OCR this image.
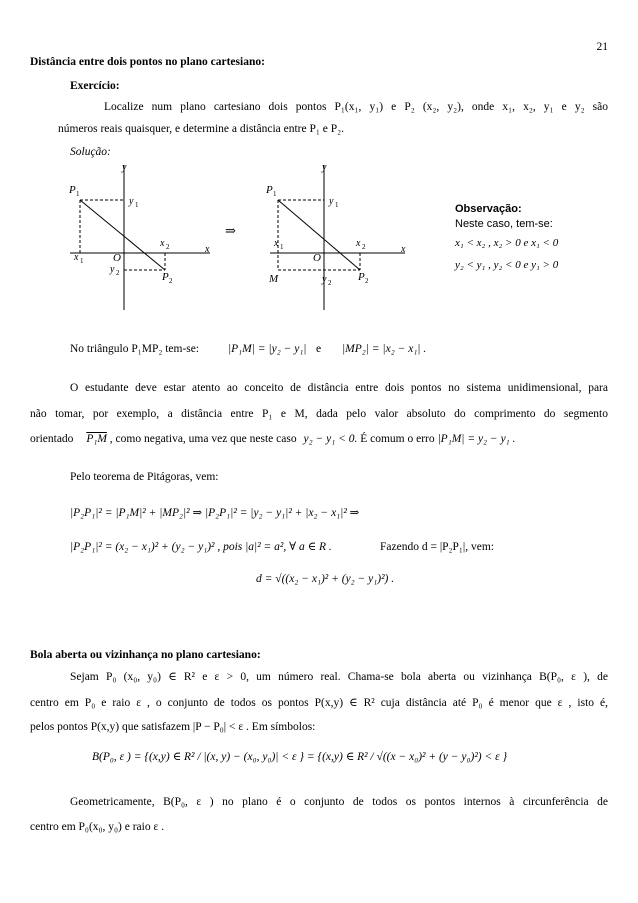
21
Distância entre dois pontos no plano cartesiano:
Exercício:
Localize num plano cartesiano dois pontos P₁(x₁, y₁) e P₂ (x₂, y₂), onde x₁, x₂, y₁ e y₂ são
números reais quaisquer, e determine a distância entre P₁ e P₂.
Solução:
y
x
O
P 1
P 2
y 1
x 1
x 2
y 2
⇒
y
x
O
P 1
P 2
M
y 1
x 1	x 2
y 2
Observação:
Neste caso, tem-se:
x₁ < x₂ , x₂ > 0 e x₁ < 0
y₂ < y₁ , y₂ < 0 e y₁ > 0
No triângulo P₁MP₂ tem-se:	|P₁M| = |y₂ − y₁| e |MP₂| = |x₂ − x₁| .
O estudante deve estar atento ao conceito de distância entre dois pontos no sistema unidimensional, para
não tomar, por exemplo, a distância entre P₁ e M, dada pelo valor absoluto do comprimento do segmento
orientado P₁M , como negativa, uma vez que neste caso y₂ − y₁ < 0. É comum o erro |P₁M| = y₂ − y₁ .
Pelo teorema de Pitágoras, vem:
|P₂P₁|² = |P₁M|² + |MP₂|² ⇒ |P₂P₁|² = |y₂ − y₁|² + |x₂ − x₁|² ⇒
|P₂P₁|² = (x₂ − x₁)² + (y₂ − y₁)² , pois |a|² = a², ∀ a ∈ R .	Fazendo d = |P₂P₁|, vem:
d = √((x₂ − x₁)² + (y₂ − y₁)²) .
Bola aberta ou vizinhança no plano cartesiano:
Sejam P₀ (x₀, y₀) ∈ R² e ε > 0, um número real. Chama-se bola aberta ou vizinhança B(P₀, ε ), de
centro em P₀ e raio ε , o conjunto de todos os pontos P(x,y) ∈ R² cuja distância até P₀ é menor que ε , isto é,
pelos pontos P(x,y) que satisfazem |P − P₀| < ε . Em símbolos:
B(P₀, ε ) = {(x,y) ∈ R² / |(x, y) − (x₀, y₀)| < ε } = {(x,y) ∈ R² / √((x − x₀)² + (y − y₀)²) < ε }
Geometricamente, B(P₀, ε ) no plano é o conjunto de todos os pontos internos à circunferência de
centro em P₀(x₀, y₀) e raio ε .
